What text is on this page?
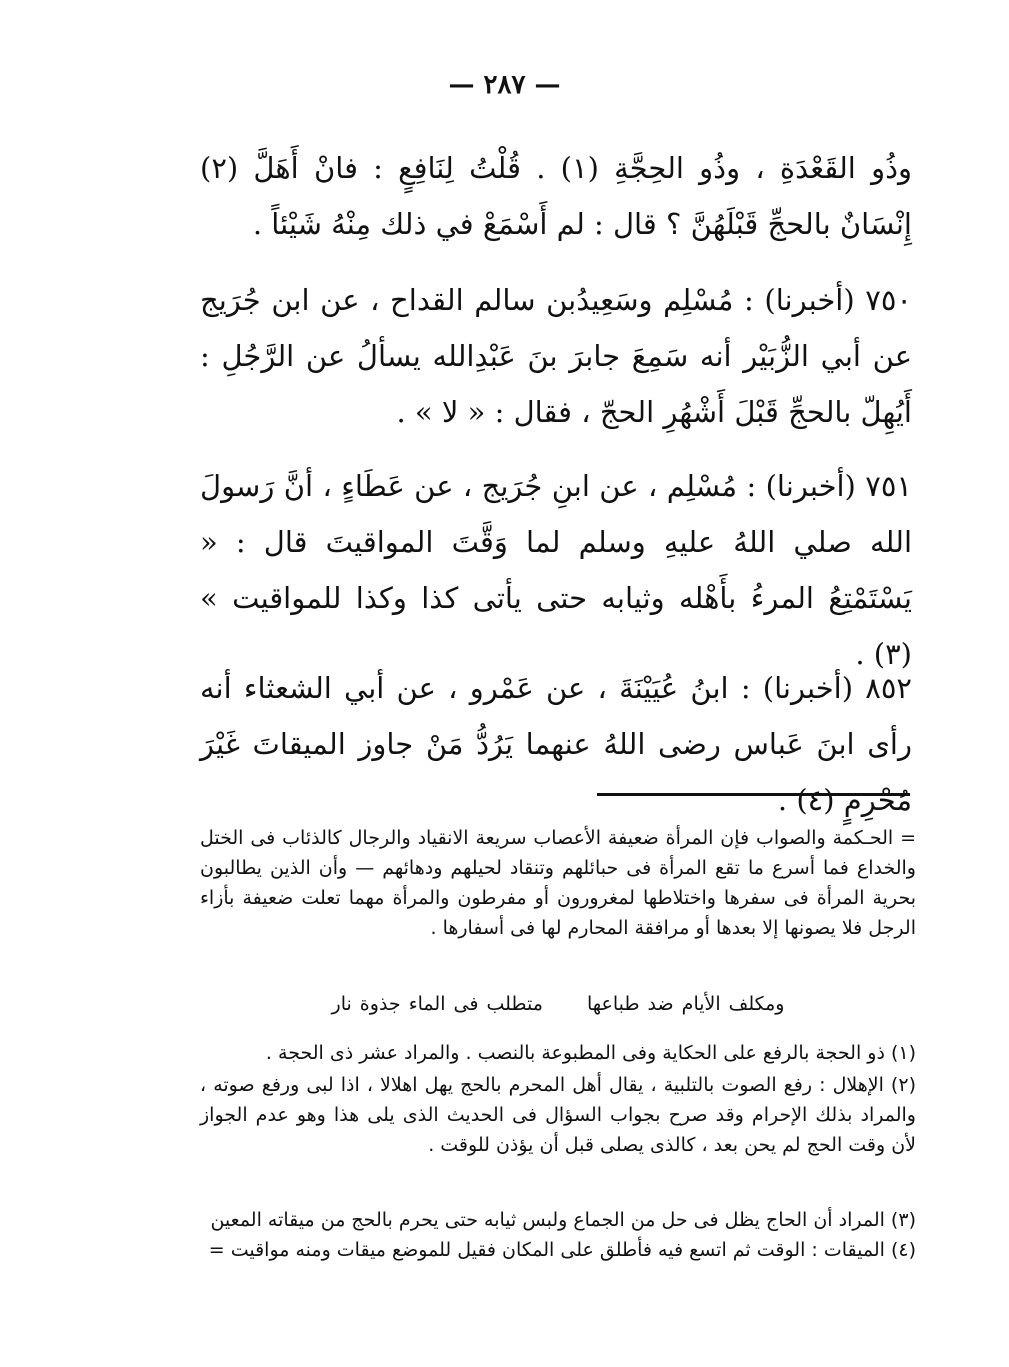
— ٢٨٧ —

وذُو القَعْدَةِ ، وذُو الحِجَّةِ (١) . قُلْتُ لِنَافِعٍ : فانْ أَهَلَّ (٢) إِنْسَانٌ بالحجِّ قَبْلَهُنَّ ؟ قال : لم أَسْمَعْ في ذلك مِنْهُ شَيْئاً .

٧٥٠ (أخبرنا) : مُسْلِم وسَعِيدُبن سالم القداح ، عن ابن جُرَيج عن أبي الزُّبَيْر أنه سَمِعَ جابرَ بنَ عَبْدِالله يسألُ عن الرَّجُلِ : أَيُهِلّ بالحجِّ قَبْلَ أَشْهُرِ الحجّ ، فقال : « لا » .

٧٥١ (أخبرنا) : مُسْلِم ، عن ابنِ جُرَيج ، عن عَطَاءٍ ، أنَّ رَسولَ الله صلي اللهُ عليهِ وسلم لما وَقَّتَ المواقيتَ قال : « يَسْتَمْتِعُ المرءُ بأَهْله وثيابه حتى يأتى كذا وكذا للمواقيت » (٣) .

٨٥٢ (أخبرنا) : ابنُ عُيَيْنَةَ ، عن عَمْرو ، عن أبي الشعثاء أنه رأى ابنَ عَباس رضى اللهُ عنهما يَرُدُّ مَنْ جاوز الميقاتَ غَيْرَ مُحْرِمٍ (٤) .

= الحـكمة والصواب فإن المرأة ضعيفة الأعصاب سريعة الانقياد والرجال كالذئاب فى الختل والخداع فما أسرع ما تقع المرأة فى حبائلهم وتنقاد لحيلهم ودهائهم — وأن الذين يطالبون بحرية المرأة فى سفرها واختلاطها لمغرورون أو مفرطون والمرأة مهما تعلت ضعيفة بأزاء الرجل فلا يصونها إلا بعدها أو مرافقة المحارم لها فى أسفارها .

ومكلف الأيام ضد طباعها متطلب فى الماء جذوة نار

(١) ذو الحجة بالرفع على الحكاية وفى المطبوعة بالنصب . والمراد عشر ذى الحجة .

(٢) الإهلال : رفع الصوت بالتلبية ، يقال أهل المحرم بالحج يهل اهلالا ، اذا لبى ورفع صوته ، والمراد بذلك الإحرام وقد صرح بجواب السؤال فى الحديث الذى يلى هذا وهو عدم الجواز لأن وقت الحج لم يحن بعد ، كالذى يصلى قبل أن يؤذن للوقت .

(٣) المراد أن الحاج يظل فى حل من الجماع ولبس ثيابه حتى يحرم بالحج من ميقاته المعين

(٤) الميقات : الوقت ثم اتسع فيه فأطلق على المكان فقيل للموضع ميقات ومنه مواقيت =
